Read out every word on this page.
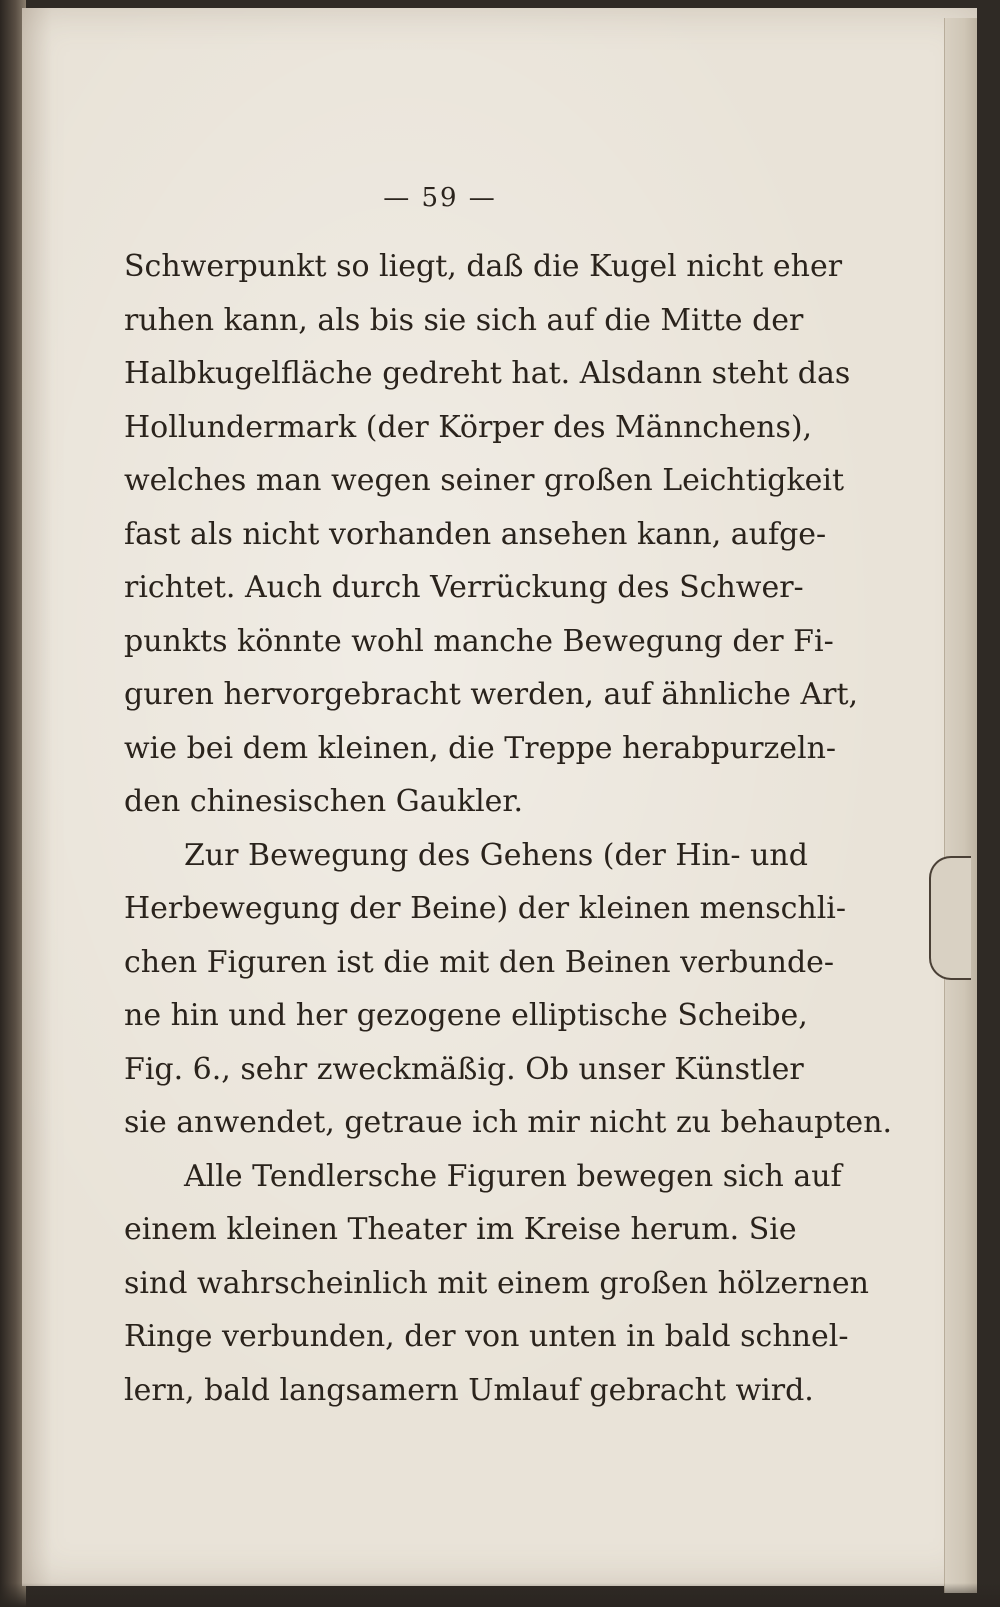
— 59 —
Schwerpunkt so liegt, daß die Kugel nicht eher
ruhen kann, als bis sie sich auf die Mitte der
Halbkugelfläche gedreht hat. Alsdann steht das
Hollundermark (der Körper des Männchens),
welches man wegen seiner großen Leichtigkeit
fast als nicht vorhanden ansehen kann, aufge-
richtet. Auch durch Verrückung des Schwer-
punkts könnte wohl manche Bewegung der Fi-
guren hervorgebracht werden, auf ähnliche Art,
wie bei dem kleinen, die Treppe herabpurzeln-
den chinesischen Gaukler.
Zur Bewegung des Gehens (der Hin- und
Herbewegung der Beine) der kleinen menschli-
chen Figuren ist die mit den Beinen verbunde-
ne hin und her gezogene elliptische Scheibe,
Fig. 6., sehr zweckmäßig. Ob unser Künstler
sie anwendet, getraue ich mir nicht zu behaupten.
Alle Tendlersche Figuren bewegen sich auf
einem kleinen Theater im Kreise herum. Sie
sind wahrscheinlich mit einem großen hölzernen
Ringe verbunden, der von unten in bald schnel-
lern, bald langsamern Umlauf gebracht wird.
